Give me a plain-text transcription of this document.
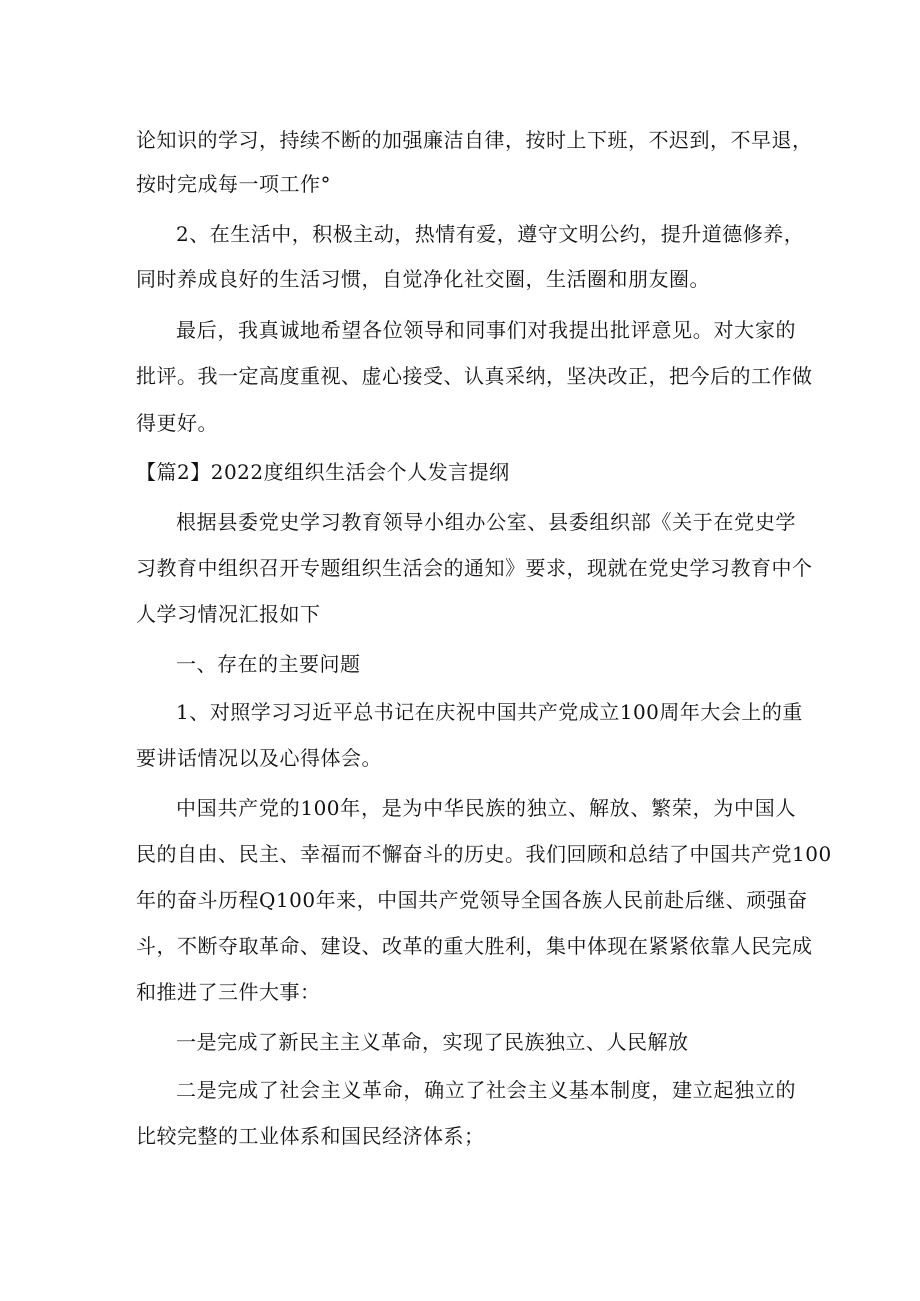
论知识的学习，持续不断的加强廉洁自律，按时上下班，不迟到，不早退，
按时完成每一项工作°
2、在生活中，积极主动，热情有爱，遵守文明公约，提升道德修养，
同时养成良好的生活习惯，自觉净化社交圈，生活圈和朋友圈。
最后，我真诚地希望各位领导和同事们对我提出批评意见。对大家的
批评。我一定高度重视、虚心接受、认真采纳，坚决改正，把今后的工作做
得更好。
【篇2】2022度组织生活会个人发言提纲
根据县委党史学习教育领导小组办公室、县委组织部《关于在党史学
习教育中组织召开专题组织生活会的通知》要求，现就在党史学习教育中个
人学习情况汇报如下
一、存在的主要问题
1、对照学习习近平总书记在庆祝中国共产党成立100周年大会上的重
要讲话情况以及心得体会。
中国共产党的100年，是为中华民族的独立、解放、繁荣，为中国人
民的自由、民主、幸福而不懈奋斗的历史。我们回顾和总结了中国共产党100
年的奋斗历程Q100年来，中国共产党领导全国各族人民前赴后继、顽强奋
斗，不断夺取革命、建设、改革的重大胜利，集中体现在紧紧依靠人民完成
和推进了三件大事：
一是完成了新民主主义革命，实现了民族独立、人民解放
二是完成了社会主义革命，确立了社会主义基本制度，建立起独立的
比较完整的工业体系和国民经济体系；
